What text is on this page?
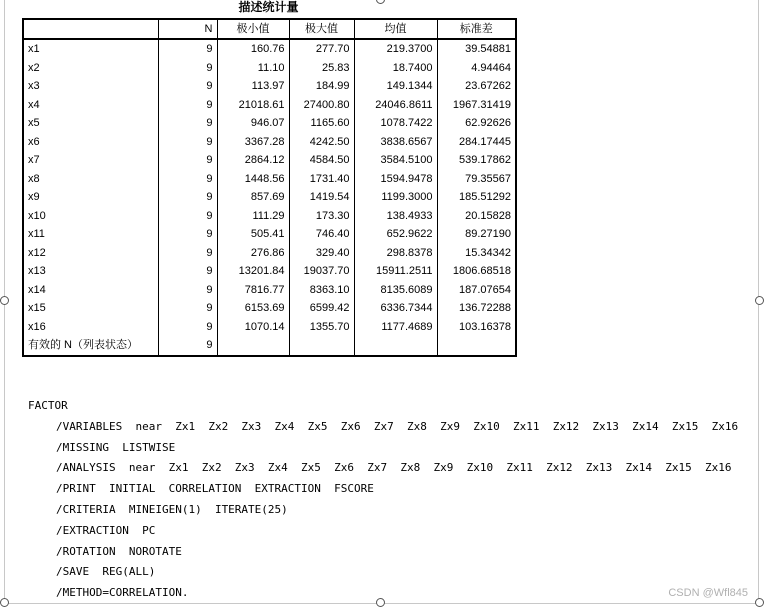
描述统计量
	N	极小值	极大值	均值	标准差
x1	9	160.76	277.70	219.3700	39.54881
x2	9	11.10	25.83	18.7400	4.94464
x3	9	113.97	184.99	149.1344	23.67262
x4	9	21018.61	27400.80	24046.8611	1967.31419
x5	9	946.07	1165.60	1078.7422	62.92626
x6	9	3367.28	4242.50	3838.6567	284.17445
x7	9	2864.12	4584.50	3584.5100	539.17862
x8	9	1448.56	1731.40	1594.9478	79.35567
x9	9	857.69	1419.54	1199.3000	185.51292
x10	9	111.29	173.30	138.4933	20.15828
x11	9	505.41	746.40	652.9622	89.27190
x12	9	276.86	329.40	298.8378	15.34342
x13	9	13201.84	19037.70	15911.2511	1806.68518
x14	9	7816.77	8363.10	8135.6089	187.07654
x15	9	6153.69	6599.42	6336.7344	136.72288
x16	9	1070.14	1355.70	1177.4689	103.16378
有效的 N（列表状态）	9				
FACTOR
/VARIABLES  near  Zx1  Zx2  Zx3  Zx4  Zx5  Zx6  Zx7  Zx8  Zx9  Zx10  Zx11  Zx12  Zx13  Zx14  Zx15  Zx16
/MISSING  LISTWISE
/ANALYSIS  near  Zx1  Zx2  Zx3  Zx4  Zx5  Zx6  Zx7  Zx8  Zx9  Zx10  Zx11  Zx12  Zx13  Zx14  Zx15  Zx16
/PRINT  INITIAL  CORRELATION  EXTRACTION  FSCORE
/CRITERIA  MINEIGEN(1)  ITERATE(25)
/EXTRACTION  PC
/ROTATION  NOROTATE
/SAVE  REG(ALL)
/METHOD=CORRELATION.	CSDN @Wfl845
